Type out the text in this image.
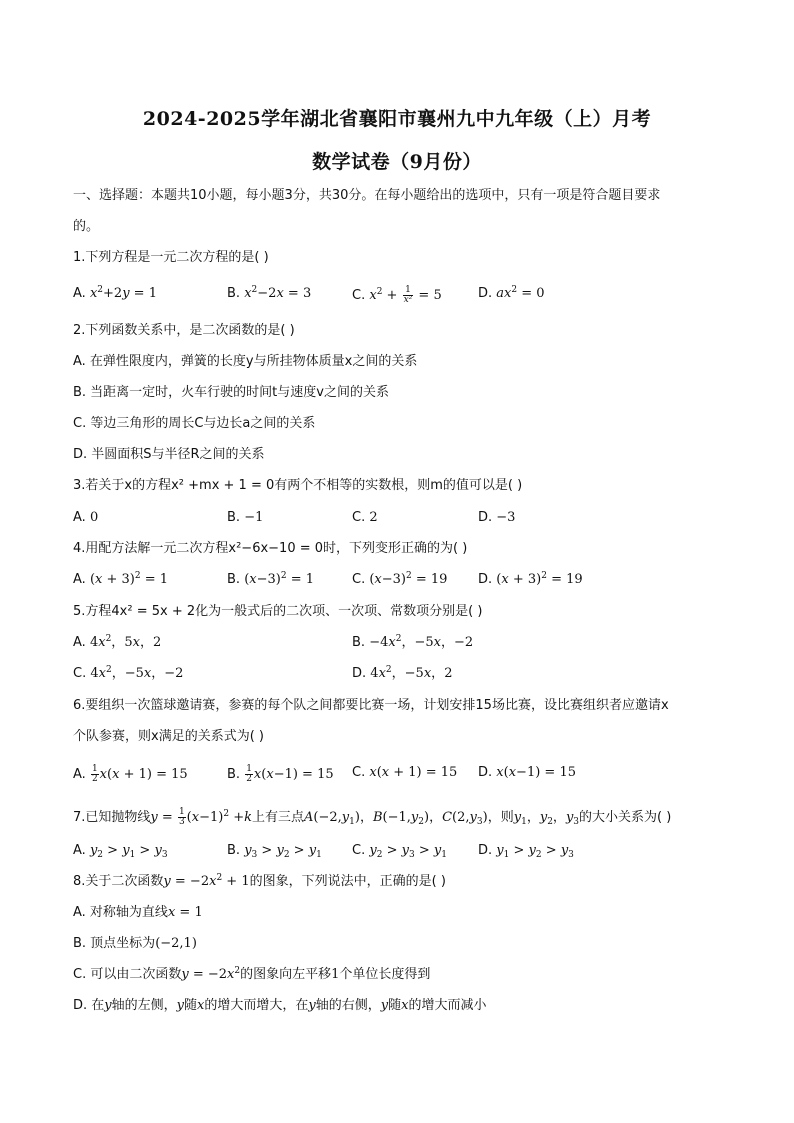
2024-2025学年湖北省襄阳市襄州九中九年级（上）月考
数学试卷（9月份）
一、选择题：本题共10小题，每小题3分，共30分。在每小题给出的选项中，只有一项是符合题目要求
的。
1.下列方程是一元二次方程的是( )
A. $x^2+2y = 1$	B. $x^2-2x = 3$	C. $x^2 + \frac{1}{\text{x²}} = 5$	D. $ax^2 = 0$
2.下列函数关系中，是二次函数的是( )
A. 在弹性限度内，弹簧的长度y与所挂物体质量x之间的关系
B. 当距离一定时，火车行驶的时间t与速度v之间的关系
C. 等边三角形的周长C与边长a之间的关系
D. 半圆面积S与半径R之间的关系
3.若关于x的方程x² +mx + 1 = 0有两个不相等的实数根，则m的值可以是( )
A. 0	B. −1	C. 2	D. −3
4.用配方法解一元二次方程x²−6x−10 = 0时，下列变形正确的为( )
A. $(x + 3)^2 = 1$	B. $(x-3)^2 = 1$	C. $(x-3)^2 = 19$ D. $(x + 3)^2 = 19$
5.方程4x² = 5x + 2化为一般式后的二次项、一次项、常数项分别是( )
A. $4x^2$，5x，2	B. $-4x^2$，−5x，−2
C. $4x^2$，−5x，−2	D. $4x^2$，−5x，2
6.要组织一次篮球邀请赛，参赛的每个队之间都要比赛一场，计划安排15场比赛，设比赛组织者应邀请x
个队参赛，则x满足的关系式为( )
A. $\frac{1}{2} x(x + 1) = 15$	B. $\frac{1}{2} x(x-1) = 15$ C. x(x + 1) = 15 D. x(x−1) = 15
7.已知抛物线$y = \frac{1}{3} (x-1)^2 +k$上有三点$A(-2,y_1)$，$B(-1,y_2)$，$C(2,y_3)$，则$y_1$，$y_2$，$y_3$的大小关系为( )
A. $y_2 > y_1 > y_3$	B. $y_3 > y_2 > y_1$ C. $y_2 > y_3 > y_1$ D. $y_1 > y_2 > y_3$
8.关于二次函数$y = -2x^2 + 1$的图象，下列说法中，正确的是( )
A. 对称轴为直线x = 1
B. 顶点坐标为(−2,1)
C. 可以由二次函数$y = -2x^2$的图象向左平移1个单位长度得到
D. 在y轴的左侧，y随x的增大而增大，在y轴的右侧，y随x的增大而减小
